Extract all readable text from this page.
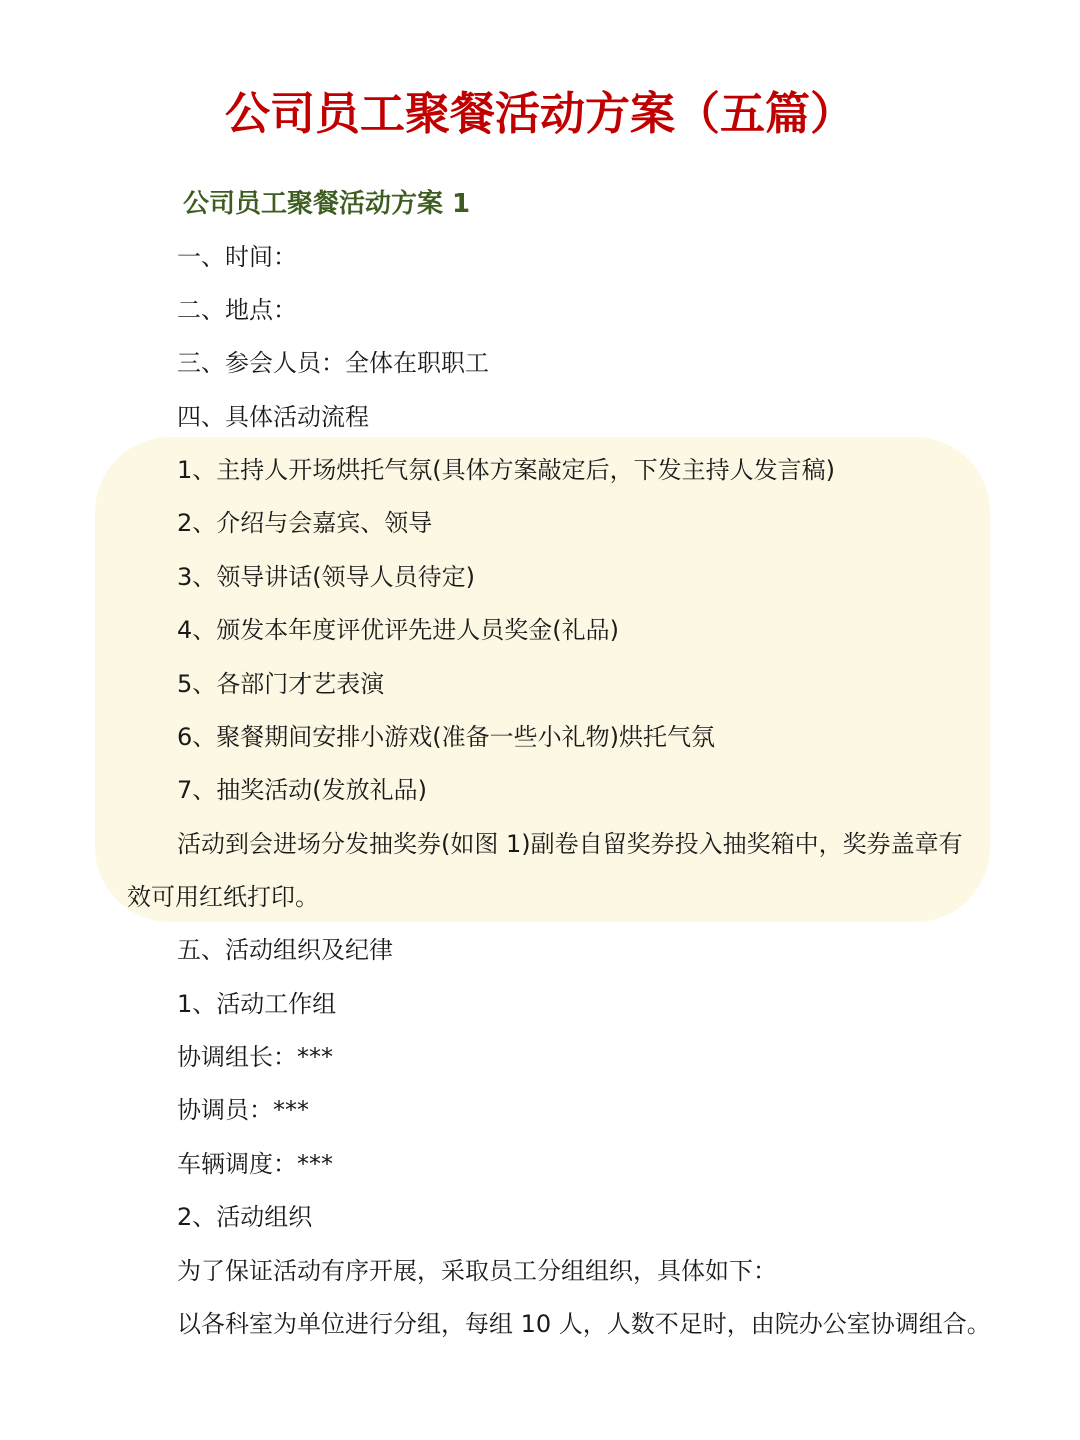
公司员工聚餐活动方案（五篇）
公司员工聚餐活动方案 1

一、时间：

二、地点：

三、参会人员：全体在职职工

四、具体活动流程

1、主持人开场烘托气氛(具体方案敲定后，下发主持人发言稿)

2、介绍与会嘉宾、领导

3、领导讲话(领导人员待定)

4、颁发本年度评优评先进人员奖金(礼品)

5、各部门才艺表演

6、聚餐期间安排小游戏(准备一些小礼物)烘托气氛

7、抽奖活动(发放礼品)

活动到会进场分发抽奖券(如图 1)副卷自留奖券投入抽奖箱中，奖券盖章有

效可用红纸打印。

五、活动组织及纪律

1、活动工作组

协调组长：***

协调员：***

车辆调度：***

2、活动组织

为了保证活动有序开展，采取员工分组组织，具体如下：

以各科室为单位进行分组，每组 10 人，人数不足时，由院办公室协调组合。
